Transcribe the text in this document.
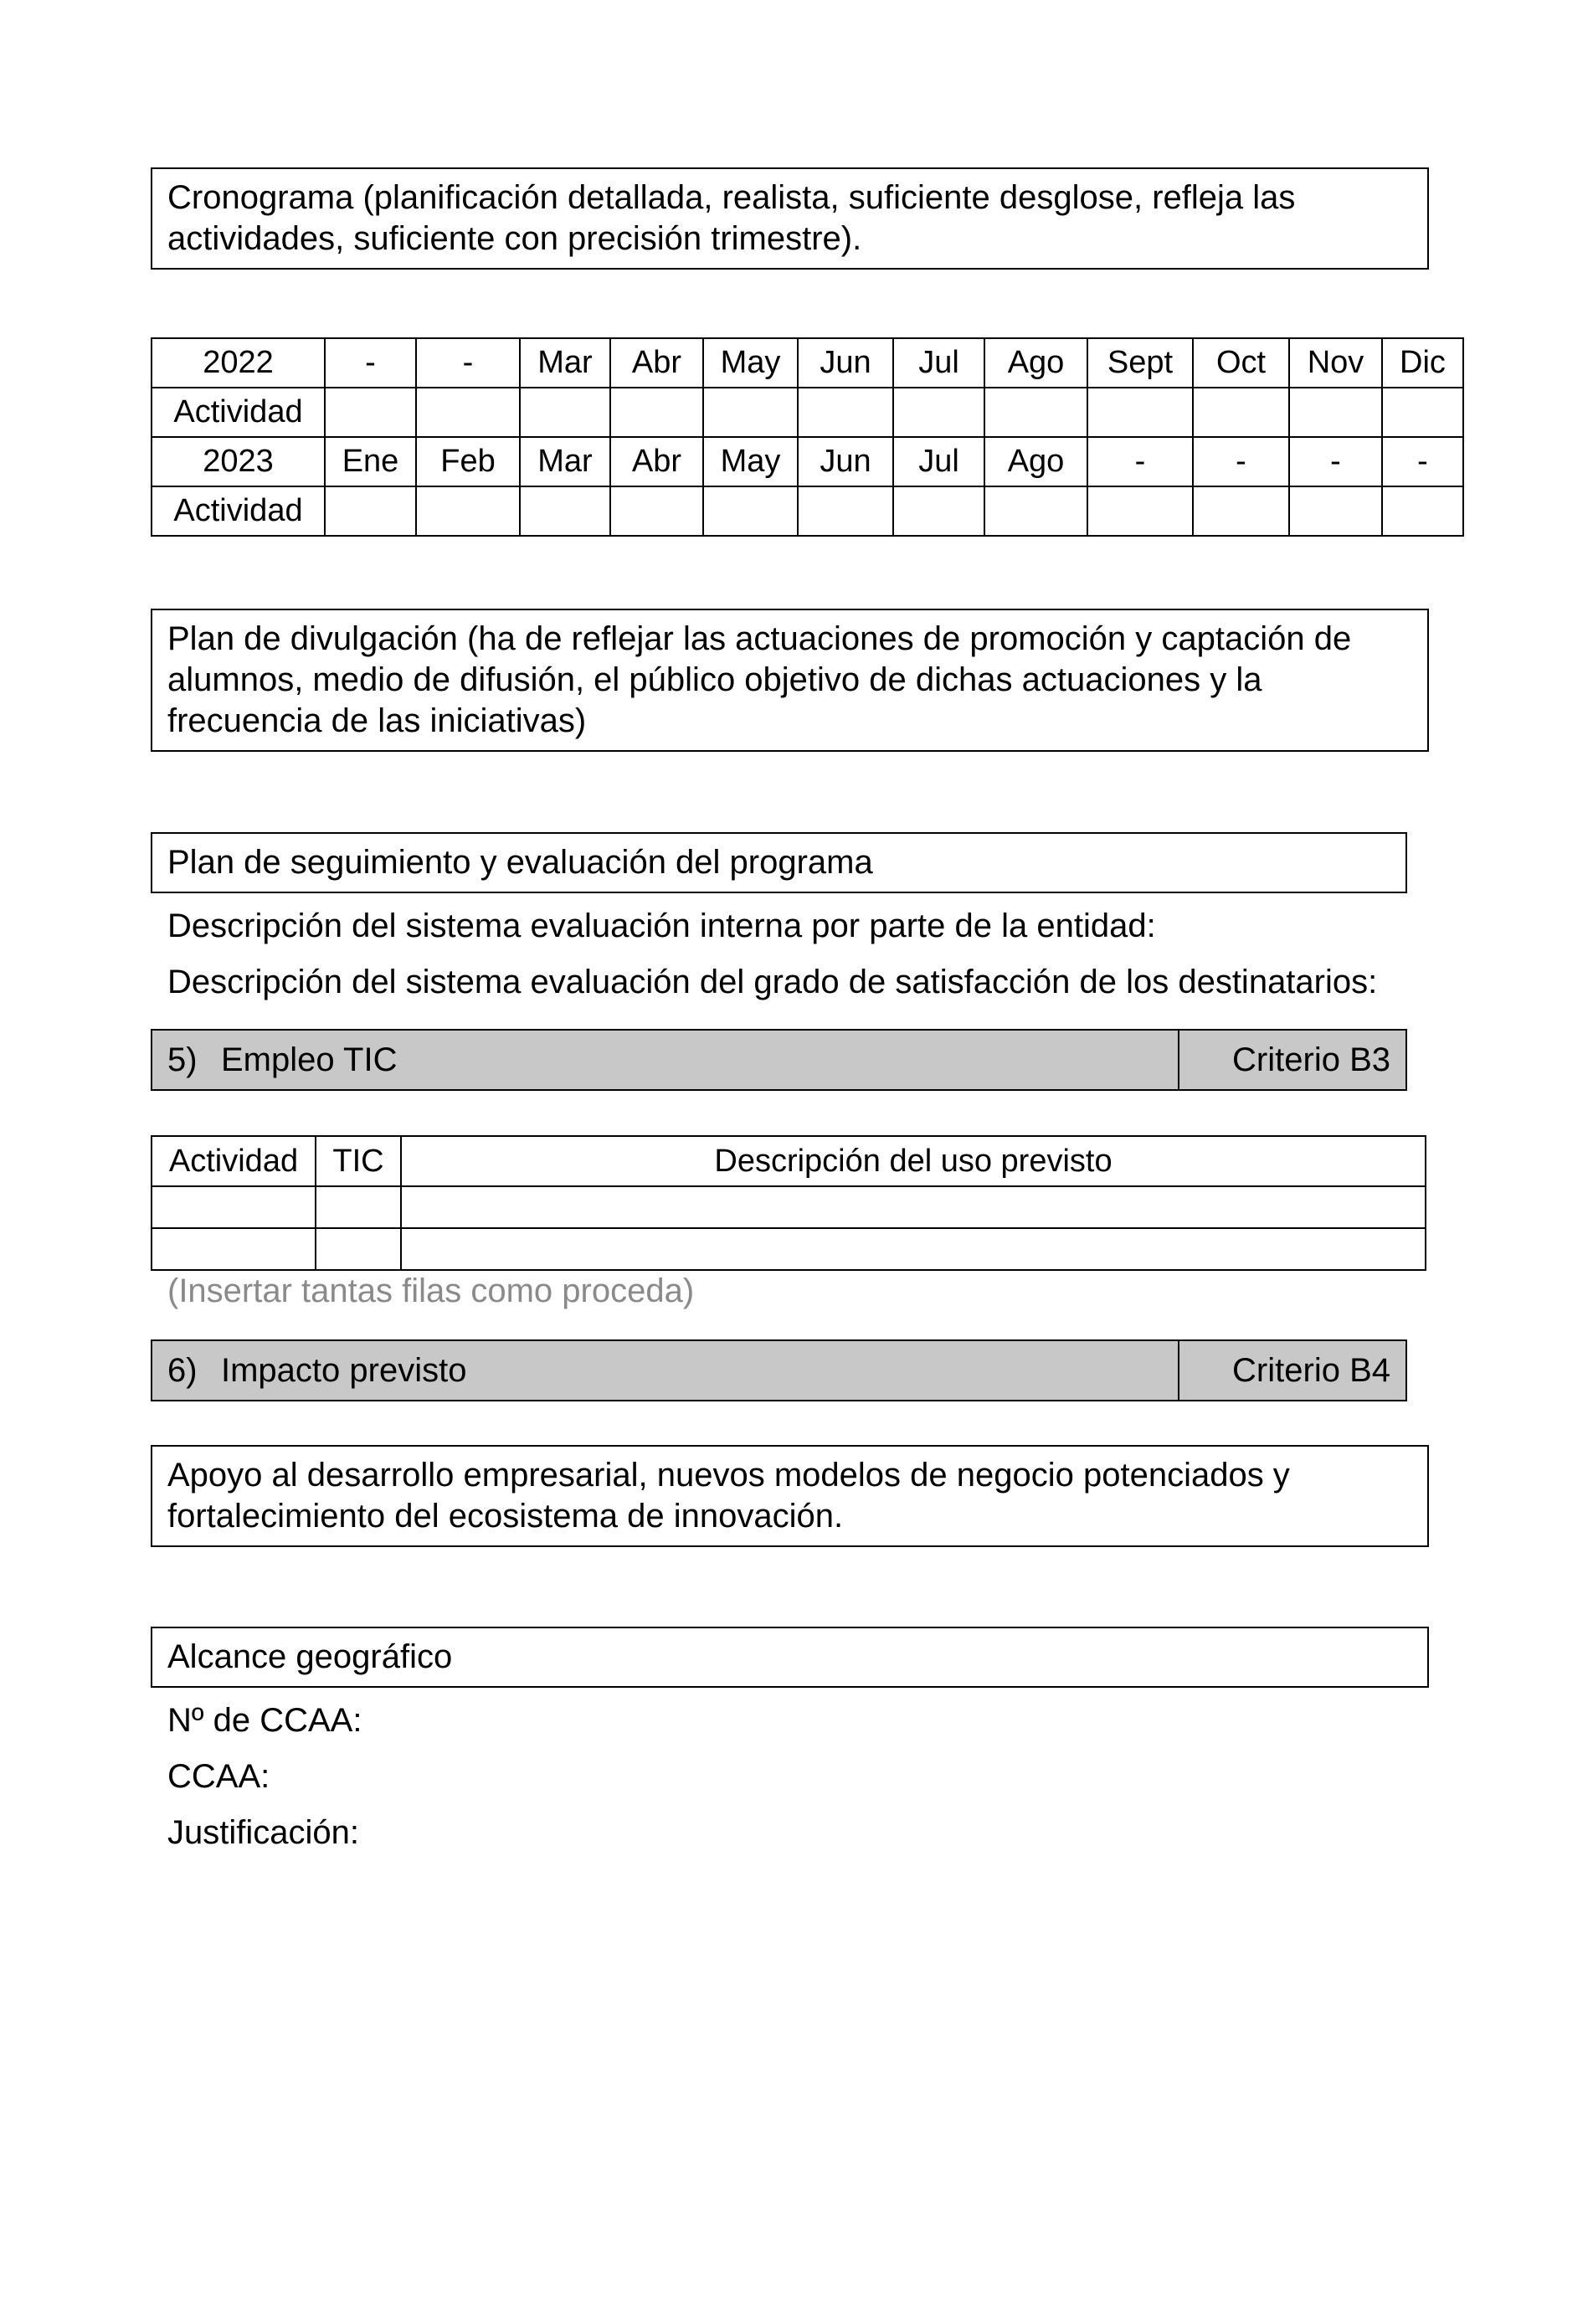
Cronograma (planificación detallada, realista, suficiente desglose, refleja las actividades, suficiente con precisión trimestre).
2022	-	-	Mar	Abr	May	Jun	Jul	Ago	Sept	Oct	Nov	Dic
Actividad												
2023	Ene	Feb	Mar	Abr	May	Jun	Jul	Ago	-	-	-	-
Actividad												
Plan de divulgación (ha de reflejar las actuaciones de promoción y captación de alumnos, medio de difusión, el público objetivo de dichas actuaciones y la frecuencia de las iniciativas)
Plan de seguimiento y evaluación del programa
Descripción del sistema evaluación interna por parte de la entidad:
Descripción del sistema evaluación del grado de satisfacción de los destinatarios:
5) Empleo TIC	Criterio B3
Actividad	TIC	Descripción del uso previsto

(Insertar tantas filas como proceda)
6) Impacto previsto	Criterio B4
Apoyo al desarrollo empresarial, nuevos modelos de negocio potenciados y fortalecimiento del ecosistema de innovación.
Alcance geográfico
Nº de CCAA:
CCAA:
Justificación:
